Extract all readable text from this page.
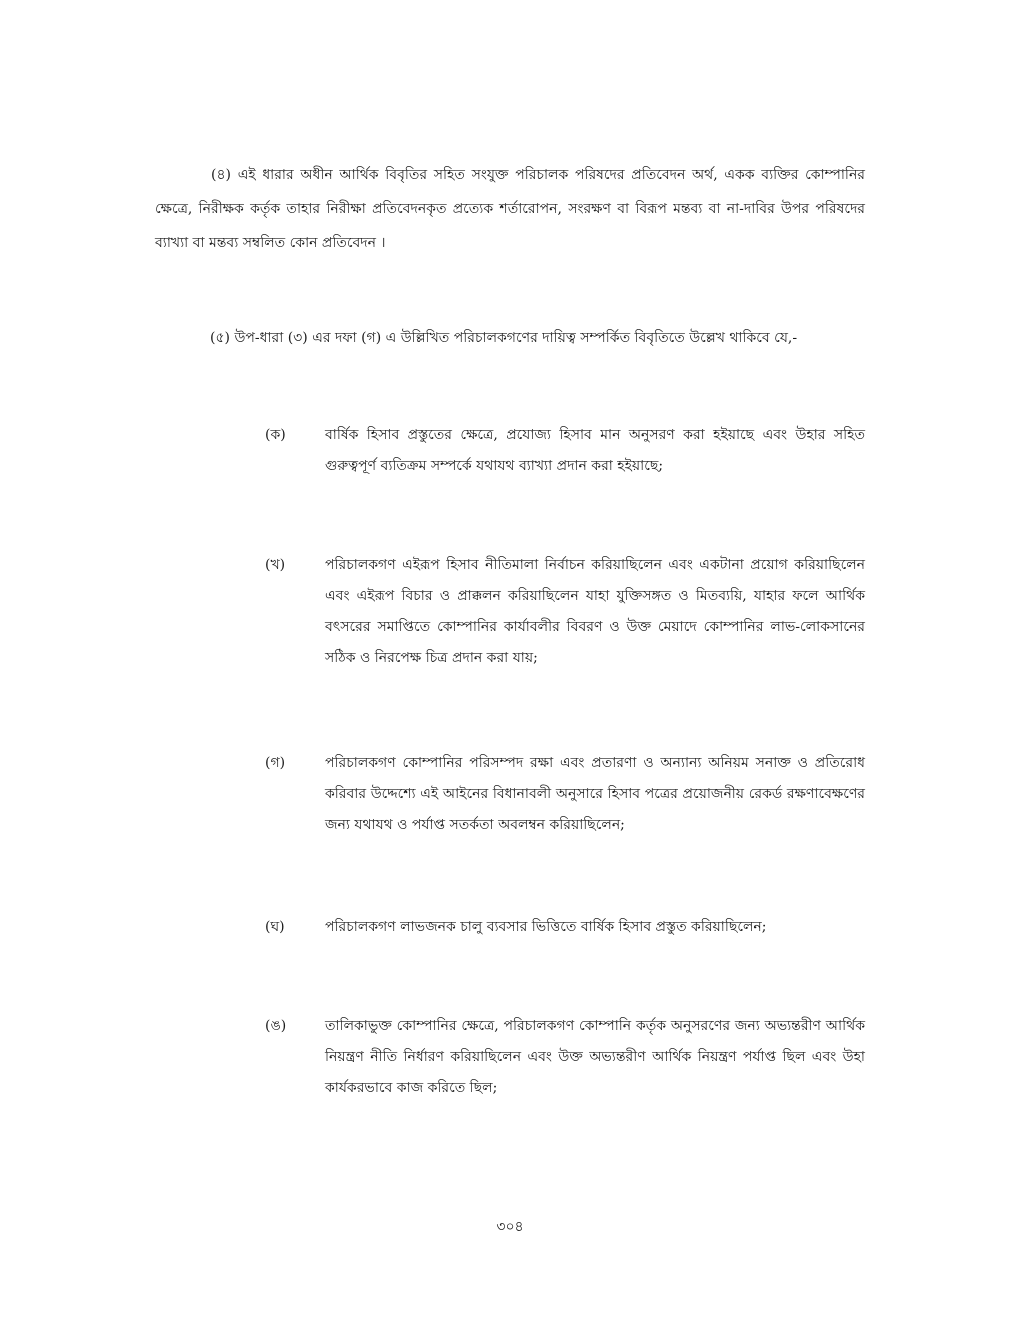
(৪) এই ধারার অধীন আর্থিক বিবৃতির সহিত সংযুক্ত পরিচালক পরিষদের প্রতিবেদন অর্থ, একক ব্যক্তির কোম্পানির ক্ষেত্রে, নিরীক্ষক কর্তৃক তাহার নিরীক্ষা প্রতিবেদনকৃত প্রত্যেক শর্তারোপন, সংরক্ষণ বা বিরূপ মন্তব্য বা না-দাবির উপর পরিষদের ব্যাখ্যা বা মন্তব্য সম্বলিত কোন প্রতিবেদন ।

(৫) উপ-ধারা (৩) এর দফা (গ) এ উল্লিখিত পরিচালকগণের দায়িত্ব সম্পর্কিত বিবৃতিতে উল্লেখ থাকিবে যে,-

(ক)	বার্ষিক হিসাব প্রস্তুতের ক্ষেত্রে, প্রযোজ্য হিসাব মান অনুসরণ করা হইয়াছে এবং উহার সহিত গুরুত্বপূর্ণ ব্যতিক্রম সম্পর্কে যথাযথ ব্যাখ্যা প্রদান করা হইয়াছে;

(খ)	পরিচালকগণ এইরূপ হিসাব নীতিমালা নির্বাচন করিয়াছিলেন এবং একটানা প্রয়োগ করিয়াছিলেন এবং এইরূপ বিচার ও প্রাক্কলন করিয়াছিলেন যাহা যুক্তিসঙ্গত ও মিতব্যয়ি, যাহার ফলে আর্থিক বৎসরের সমাপ্তিতে কোম্পানির কার্যাবলীর বিবরণ ও উক্ত মেয়াদে কোম্পানির লাভ-লোকসানের সঠিক ও নিরপেক্ষ চিত্র প্রদান করা যায়;

(গ)	পরিচালকগণ কোম্পানির পরিসম্পদ রক্ষা এবং প্রতারণা ও অন্যান্য অনিয়ম সনাক্ত ও প্রতিরোধ করিবার উদ্দেশ্যে এই আইনের বিধানাবলী অনুসারে হিসাব পত্রের প্রয়োজনীয় রেকর্ড রক্ষণাবেক্ষণের জন্য যথাযথ ও পর্যাপ্ত সতর্কতা অবলম্বন করিয়াছিলেন;

(ঘ)	পরিচালকগণ লাভজনক চালু ব্যবসার ভিত্তিতে বার্ষিক হিসাব প্রস্তুত করিয়াছিলেন;

(ঙ)	তালিকাভুক্ত কোম্পানির ক্ষেত্রে, পরিচালকগণ কোম্পানি কর্তৃক অনুসরণের জন্য অভ্যন্তরীণ আর্থিক নিয়ন্ত্রণ নীতি নির্ধারণ করিয়াছিলেন এবং উক্ত অভ্যন্তরীণ আর্থিক নিয়ন্ত্রণ পর্যাপ্ত ছিল এবং উহা কার্যকরভাবে কাজ করিতে ছিল;

৩০৪
